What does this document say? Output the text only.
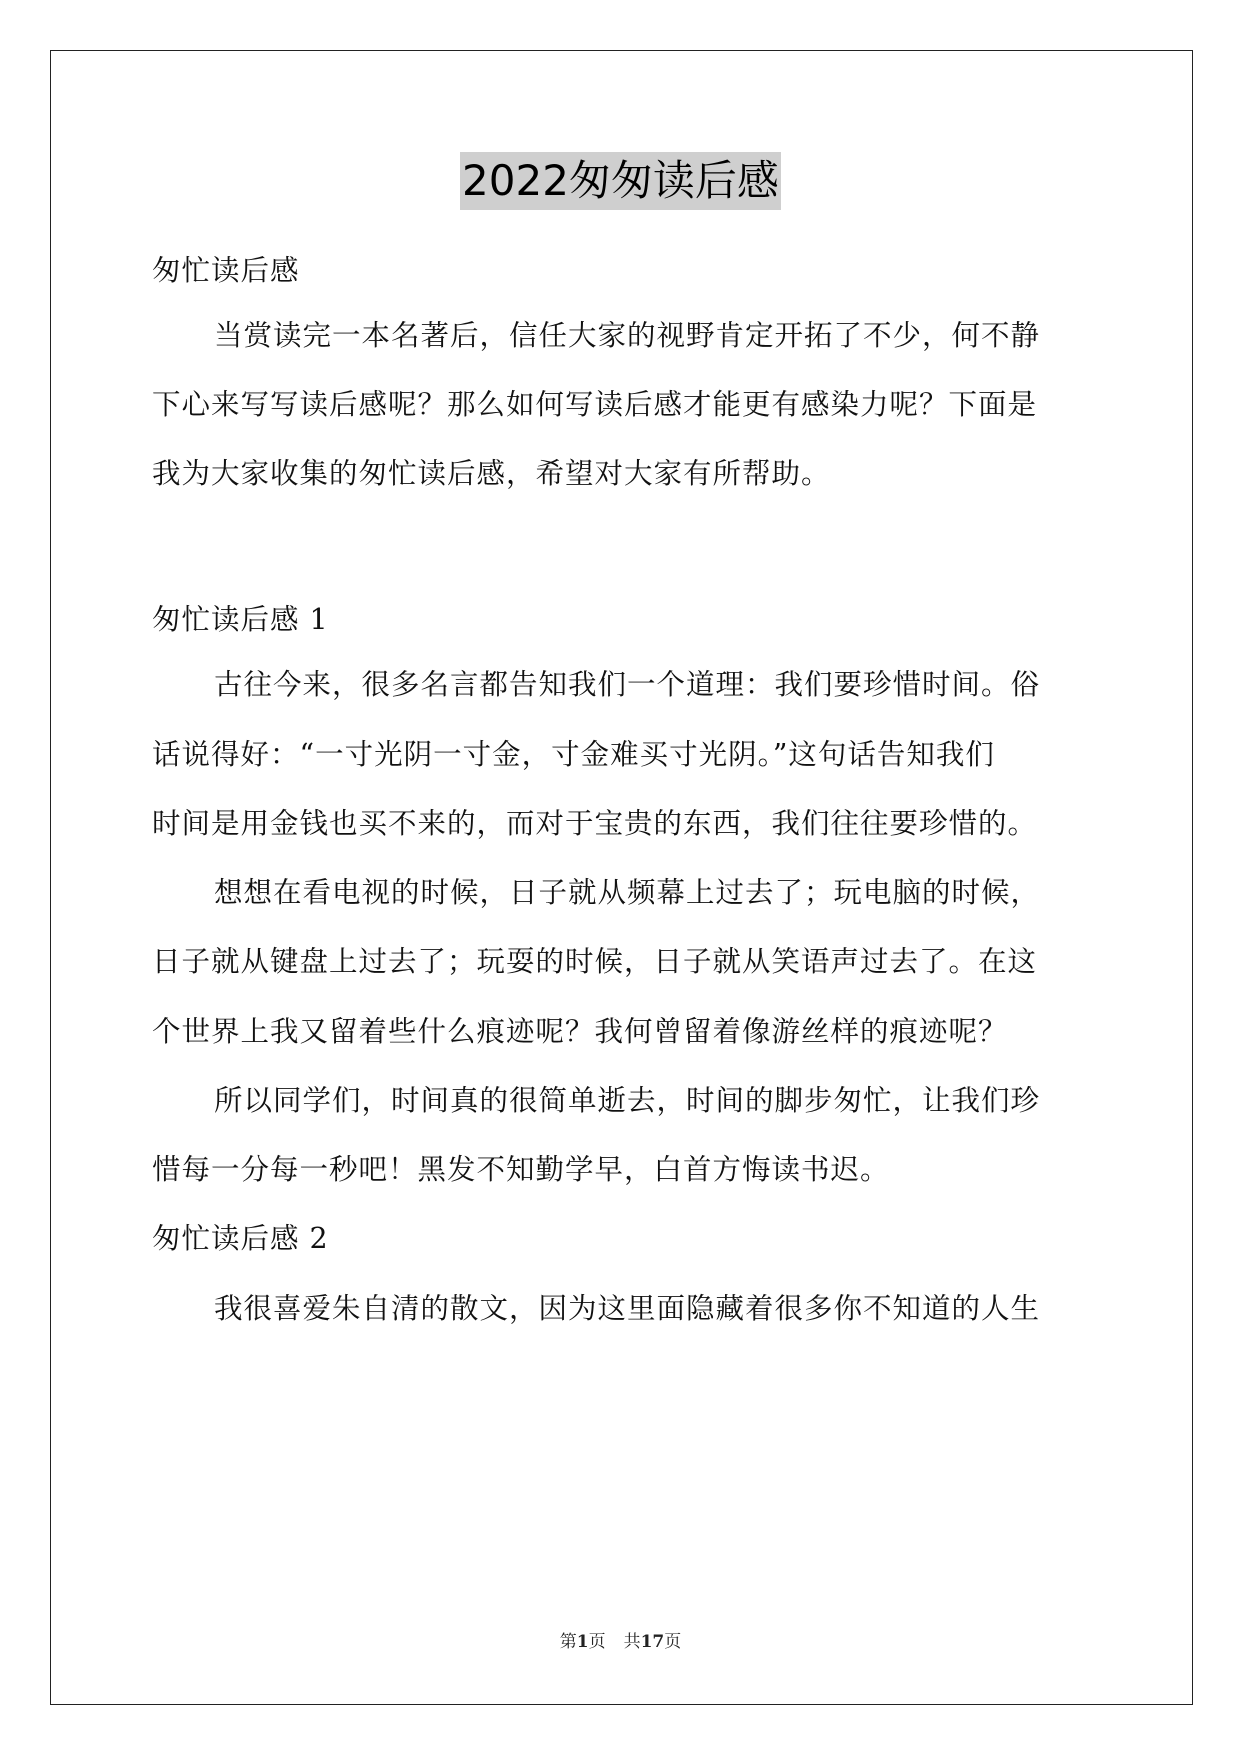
2022匆匆读后感
匆忙读后感
当赏读完一本名著后，信任大家的视野肯定开拓了不少，何不静
下心来写写读后感呢？那么如何写读后感才能更有感染力呢？下面是
我为大家收集的匆忙读后感，希望对大家有所帮助。
匆忙读后感 1
古往今来，很多名言都告知我们一个道理：我们要珍惜时间。俗
话说得好：“一寸光阴一寸金，寸金难买寸光阴。”这句话告知我们
时间是用金钱也买不来的，而对于宝贵的东西，我们往往要珍惜的。
想想在看电视的时候，日子就从频幕上过去了；玩电脑的时候，
日子就从键盘上过去了；玩耍的时候，日子就从笑语声过去了。在这
个世界上我又留着些什么痕迹呢？我何曾留着像游丝样的痕迹呢？
所以同学们，时间真的很简单逝去，时间的脚步匆忙，让我们珍
惜每一分每一秒吧！黑发不知勤学早，白首方悔读书迟。
匆忙读后感 2
我很喜爱朱自清的散文，因为这里面隐藏着很多你不知道的人生
第1页 共17页
